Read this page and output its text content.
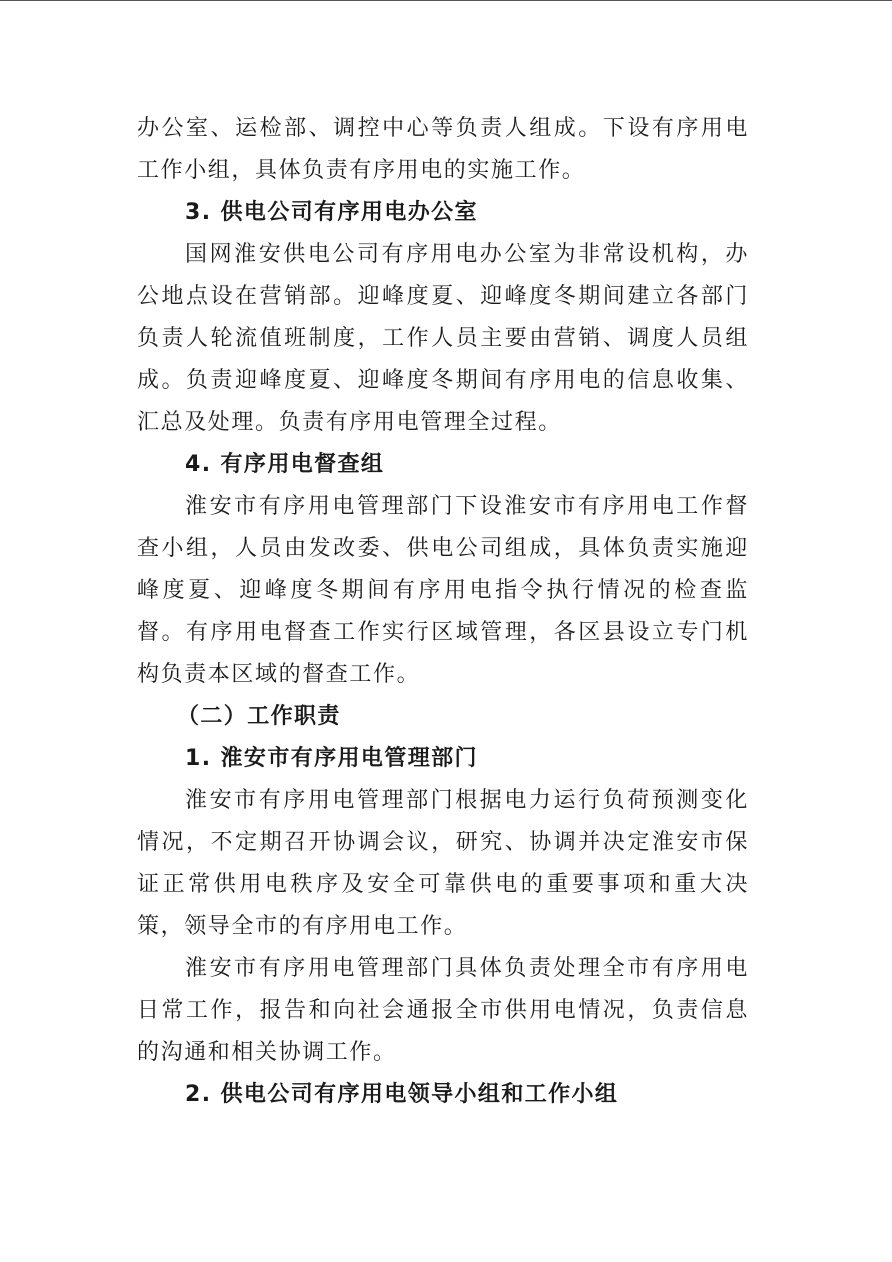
办公室、运检部、调控中心等负责人组成。下设有序用电工作小组，具体负责有序用电的实施工作。

3. 供电公司有序用电办公室

国网淮安供电公司有序用电办公室为非常设机构，办公地点设在营销部。迎峰度夏、迎峰度冬期间建立各部门负责人轮流值班制度，工作人员主要由营销、调度人员组成。负责迎峰度夏、迎峰度冬期间有序用电的信息收集、汇总及处理。负责有序用电管理全过程。

4. 有序用电督查组

淮安市有序用电管理部门下设淮安市有序用电工作督查小组，人员由发改委、供电公司组成，具体负责实施迎峰度夏、迎峰度冬期间有序用电指令执行情况的检查监督。有序用电督查工作实行区域管理，各区县设立专门机构负责本区域的督查工作。

（二）工作职责
1. 淮安市有序用电管理部门

淮安市有序用电管理部门根据电力运行负荷预测变化情况，不定期召开协调会议，研究、协调并决定淮安市保证正常供用电秩序及安全可靠供电的重要事项和重大决策，领导全市的有序用电工作。

淮安市有序用电管理部门具体负责处理全市有序用电日常工作，报告和向社会通报全市供用电情况，负责信息的沟通和相关协调工作。

2. 供电公司有序用电领导小组和工作小组
